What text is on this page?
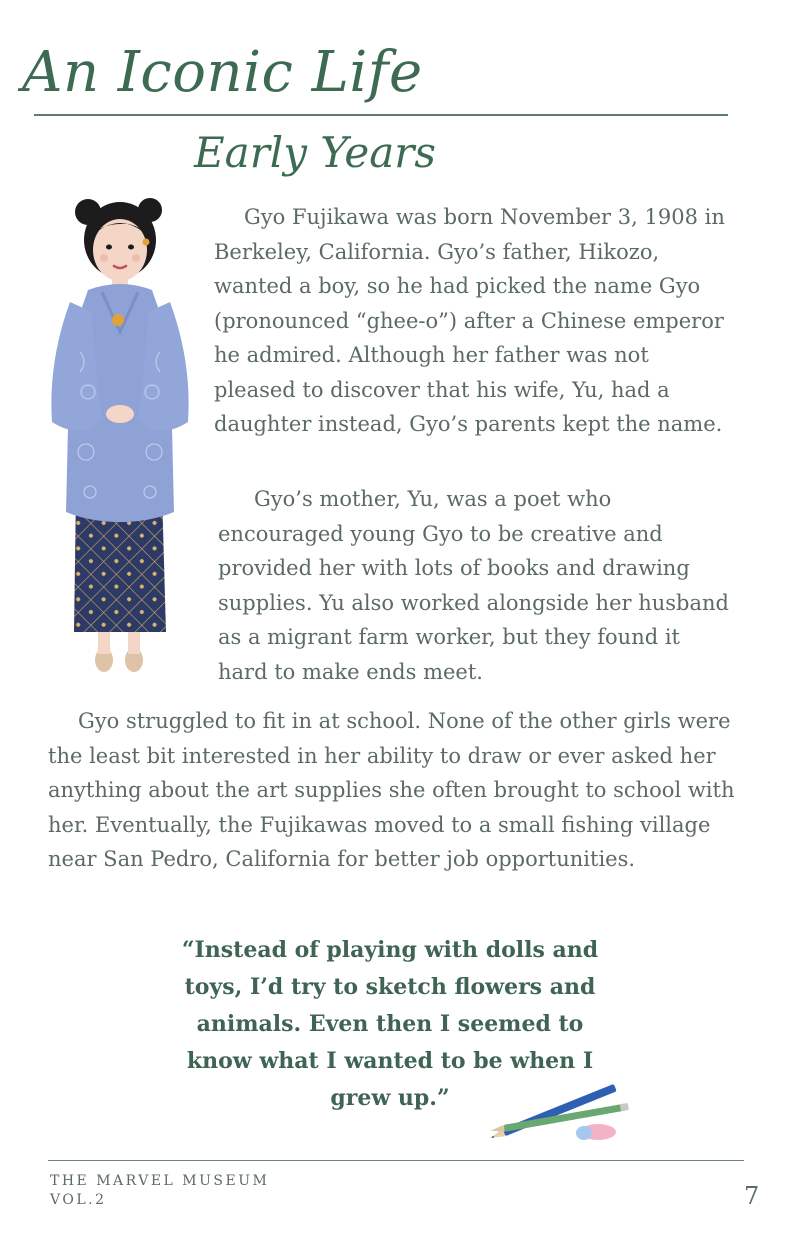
An Iconic Life
Early Years

Gyo Fujikawa was born November 3, 1908 in Berkeley, California. Gyo’s father, Hikozo, wanted a boy, so he had picked the name Gyo (pronounced “ghee-o”) after a Chinese emperor he admired. Although her father was not pleased to discover that his wife, Yu, had a daughter instead, Gyo’s parents kept the name.

Gyo’s mother, Yu, was a poet who encouraged young Gyo to be creative and provided her with lots of books and drawing supplies. Yu also worked alongside her husband as a migrant farm worker, but they found it hard to make ends meet.

Gyo struggled to fit in at school. None of the other girls were the least bit interested in her ability to draw or ever asked her anything about the art supplies she often brought to school with her. Eventually, the Fujikawas moved to a small fishing village near San Pedro, California for better job opportunities.

“Instead of playing with dolls and toys, I’d try to sketch flowers and animals. Even then I seemed to know what I wanted to be when I grew up.”

THE MARVEL MUSEUM
VOL.2	7
